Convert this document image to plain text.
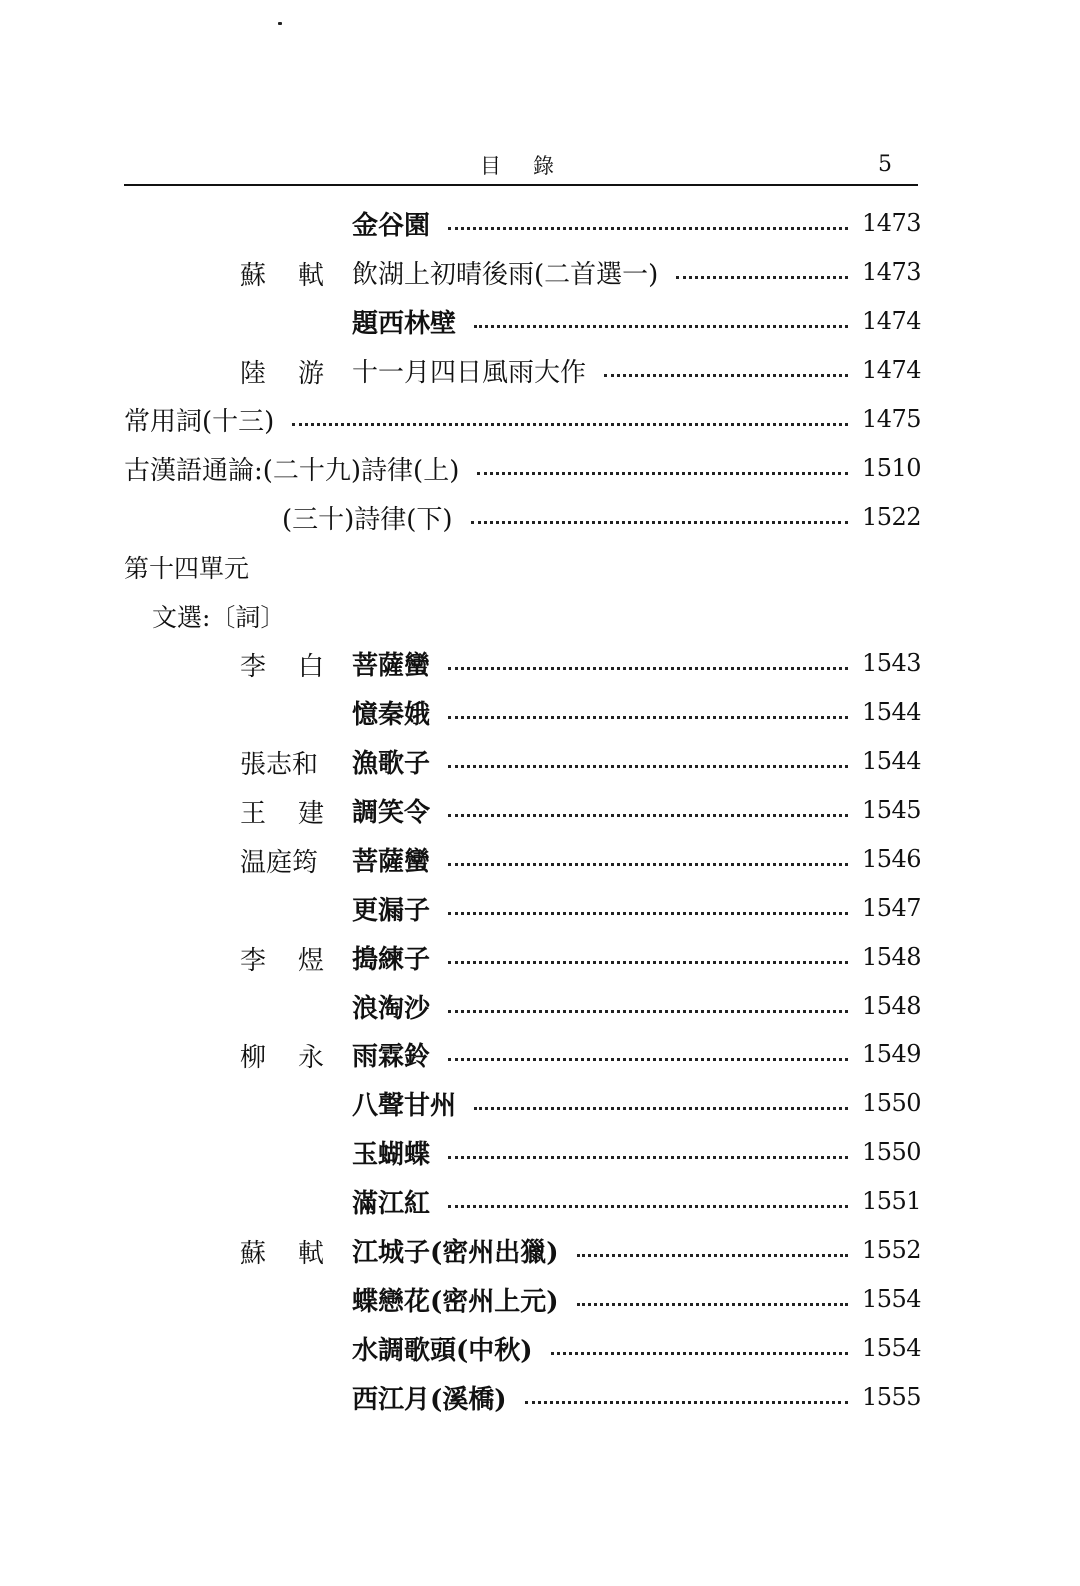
目錄	5
金谷園	1473
蘇 軾 飲湖上初晴後雨(二首選一)	1473
題西林壁	1474
陸 游 十一月四日風雨大作	1474
常用詞(十三)	1475
古漢語通論:(二十九)詩律(上)	1510
(三十)詩律(下)	1522
第十四單元
文選:〔詞〕
李 白 菩薩蠻	1543
憶秦娥	1544
張志和 漁歌子	1544
王 建 調笑令	1545
温庭筠 菩薩蠻	1546
更漏子	1547
李 煜 搗練子	1548
浪淘沙	1548
柳 永 雨霖鈴	1549
八聲甘州	1550
玉蝴蝶	1550
滿江紅	1551
蘇 軾 江城子(密州出獵)	1552
蝶戀花(密州上元)	1554
水調歌頭(中秋)	1554
西江月(溪橋)	1555
